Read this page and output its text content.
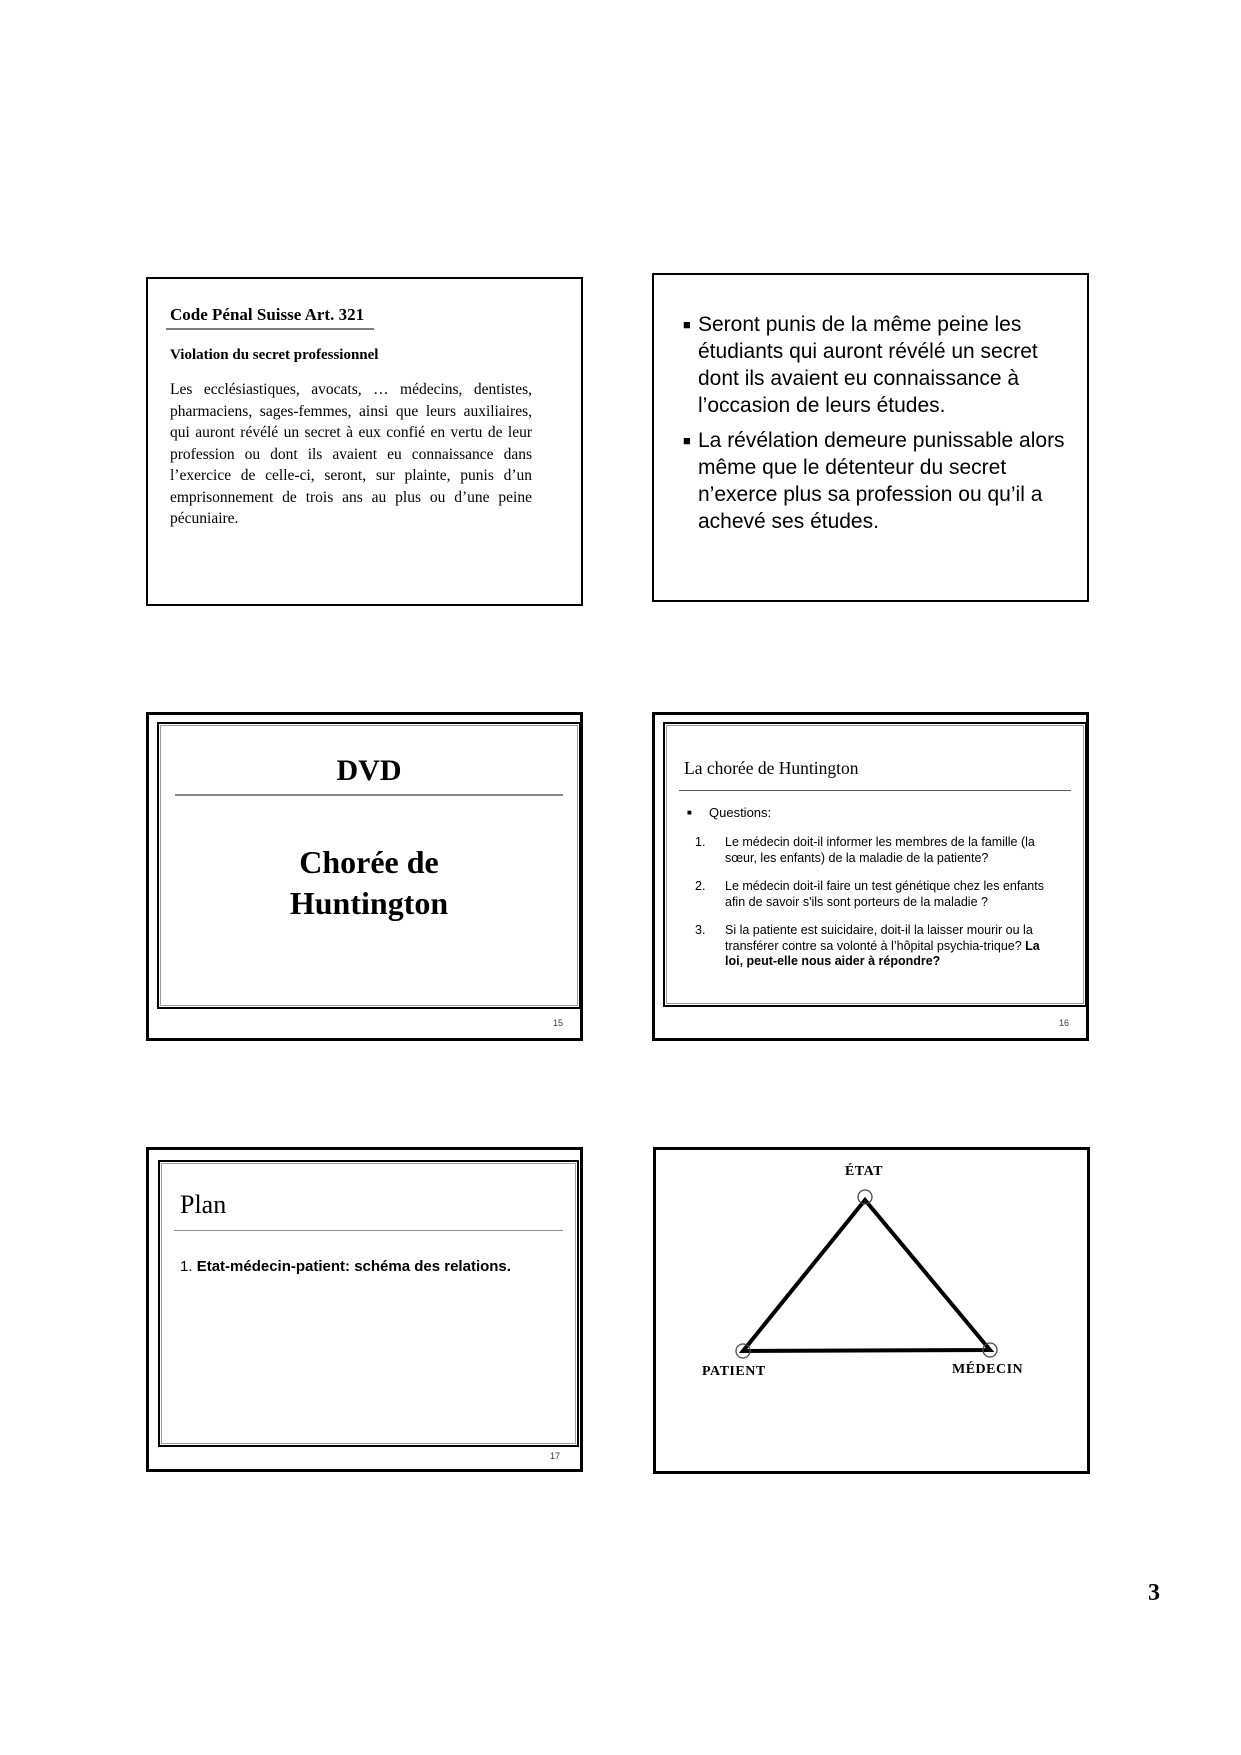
Code Pénal Suisse Art. 321
Violation du secret professionnel
Les ecclésiastiques, avocats, … médecins, dentistes, pharmaciens, sages-femmes, ainsi que leurs auxiliaires, qui auront révélé un secret à eux confié en vertu de leur profession ou dont ils avaient eu connaissance dans l’exercice de celle-ci, seront, sur plainte, punis d’un emprisonnement de trois ans au plus ou d’une peine pécuniaire.
■ Seront punis de la même peine les étudiants qui auront révélé un secret dont ils avaient eu connaissance à l’occasion de leurs études.
■ La révélation demeure punissable alors même que le détenteur du secret n’exerce plus sa profession ou qu’il a achevé ses études.
DVD
Chorée de
Huntington
15
La chorée de Huntington
■	Questions:
1.	Le médecin doit-il informer les membres de la famille (la sœur, les enfants) de la maladie de la patiente?
2.	Le médecin doit-il faire un test génétique chez les enfants afin de savoir s'ils sont porteurs de la maladie ?
3.	Si la patiente est suicidaire, doit-il la laisser mourir ou la transférer contre sa volonté à l’hôpital psychia-trique? La loi, peut-elle nous aider à répondre?
16
Plan
1. Etat-médecin-patient: schéma des relations.
17
ÉTAT
PATIENT	MÉDECIN
3
